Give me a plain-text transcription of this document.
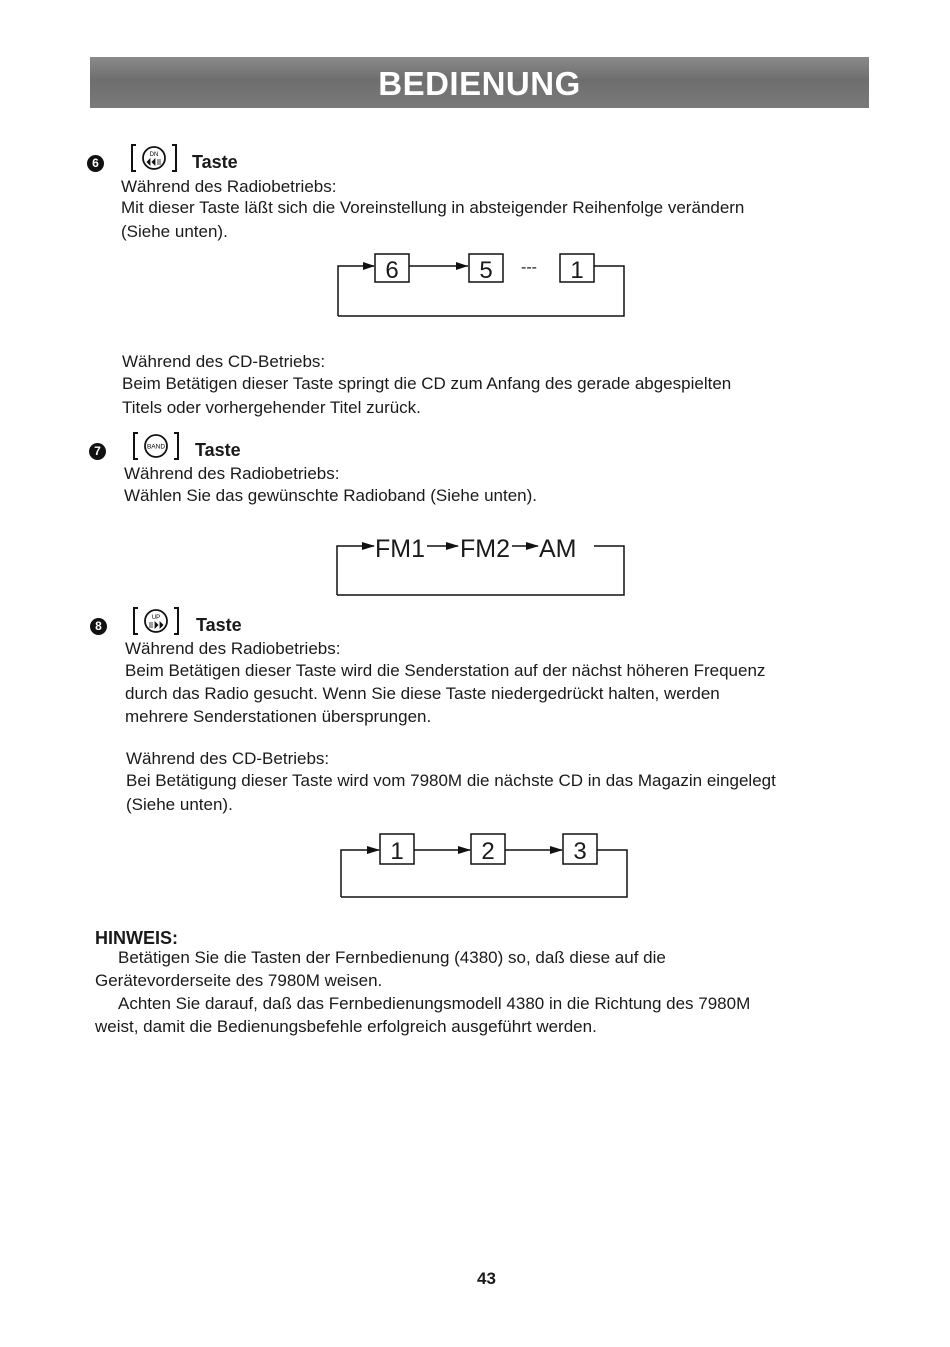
BEDIENUNG
6
DN Taste
Während des Radiobetriebs:
Mit dieser Taste läßt sich die Voreinstellung in absteigender Reihenfolge verändern
(Siehe unten).
6	5 --- 1
Während des CD-Betriebs:
Beim Betätigen dieser Taste springt die CD zum Anfang des gerade abgespielten
Titels oder vorhergehender Titel zurück.
7	BAND Taste
Während des Radiobetriebs:
Wählen Sie das gewünschte Radioband (Siehe unten).
FM1 FM2 AM
8
UP Taste
Während des Radiobetriebs:
Beim Betätigen dieser Taste wird die Senderstation auf der nächst höheren Frequenz
durch das Radio gesucht. Wenn Sie diese Taste niedergedrückt halten, werden
mehrere Senderstationen übersprungen.
Während des CD-Betriebs:
Bei Betätigung dieser Taste wird vom 7980M die nächste CD in das Magazin eingelegt
(Siehe unten).
1	2	3
HINWEIS:
Betätigen Sie die Tasten der Fernbedienung (4380) so, daß diese auf die
Gerätevorderseite des 7980M weisen.
Achten Sie darauf, daß das Fernbedienungsmodell 4380 in die Richtung des 7980M
weist, damit die Bedienungsbefehle erfolgreich ausgeführt werden.
43
